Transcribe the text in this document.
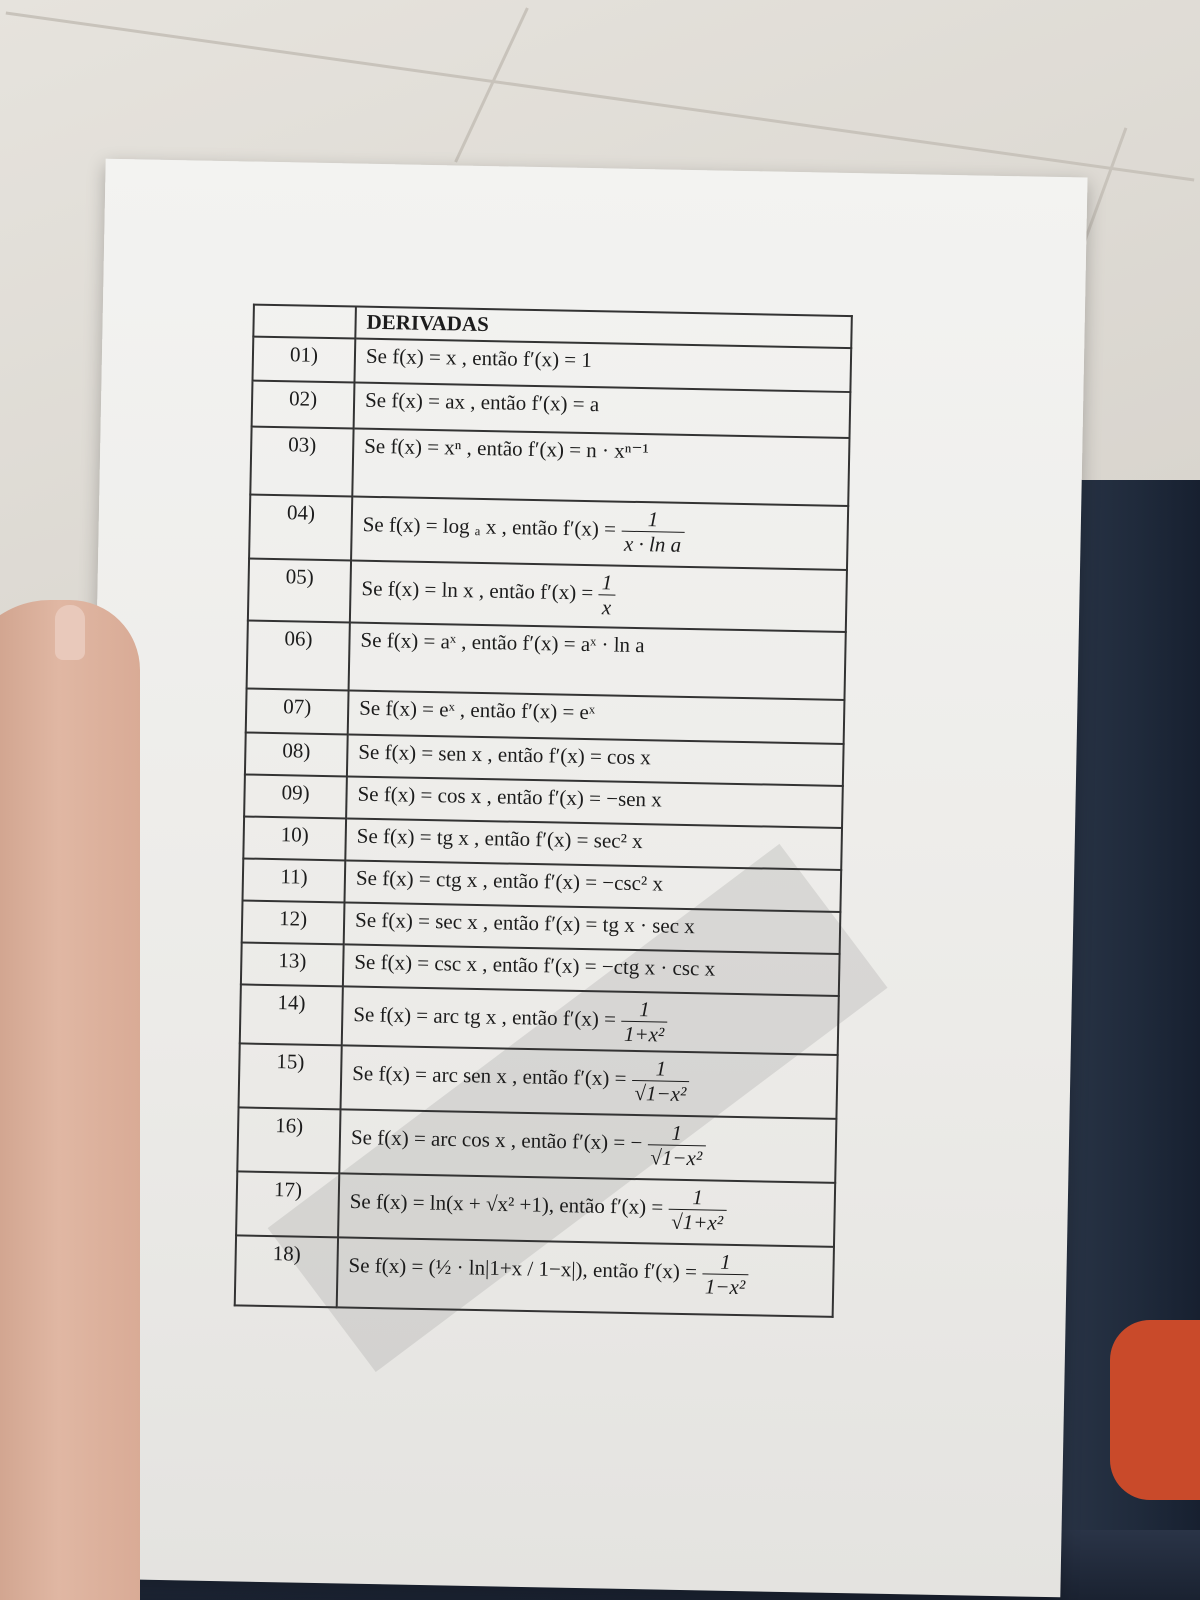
	DERIVADAS
01)	Se f(x) = x , então f′(x) = 1
02)	Se f(x) = ax , então f′(x) = a
03)	Se f(x) = xⁿ , então f′(x) = n · xⁿ⁻¹
04)	Se f(x) = log ₐ x , então $f'(x) = \frac{1}{\text{x · ln a}}$

05)	Se f(x) = ln x , então $f'(x) = \frac{1}{x}$

06)	Se f(x) = aˣ , então f′(x) = aˣ · ln a
07)	Se f(x) = eˣ , então f′(x) = eˣ
08)	Se f(x) = sen x , então f′(x) = cos x
09)	Se f(x) = cos x , então f′(x) = −sen x
10)	Se f(x) = tg x , então f′(x) = sec² x
11)	Se f(x) = ctg x , então f′(x) = −csc² x
12)	Se f(x) = sec x , então f′(x) = tg x · sec x
13)	Se f(x) = csc x , então f′(x) = −ctg x · csc x
14)	Se f(x) = arc tg x , então $f'(x) = \frac{1}{\text{1+x²}}$

15)	Se f(x) = arc sen x , então $f'(x) = \frac{1}{\text{√1−x²}}$

16)	Se f(x) = arc cos x , então f′(x) = − $\frac{1}{\text{√1−x²}}$

17)	Se f(x) = ln(x + √x² +1), então $f'(x) = \frac{1}{\text{√1+x²}}$

18)	Se f(x) = (½ · ln|1+x / 1−x|), então $f'(x) = \frac{1}{\text{1−x²}}$
